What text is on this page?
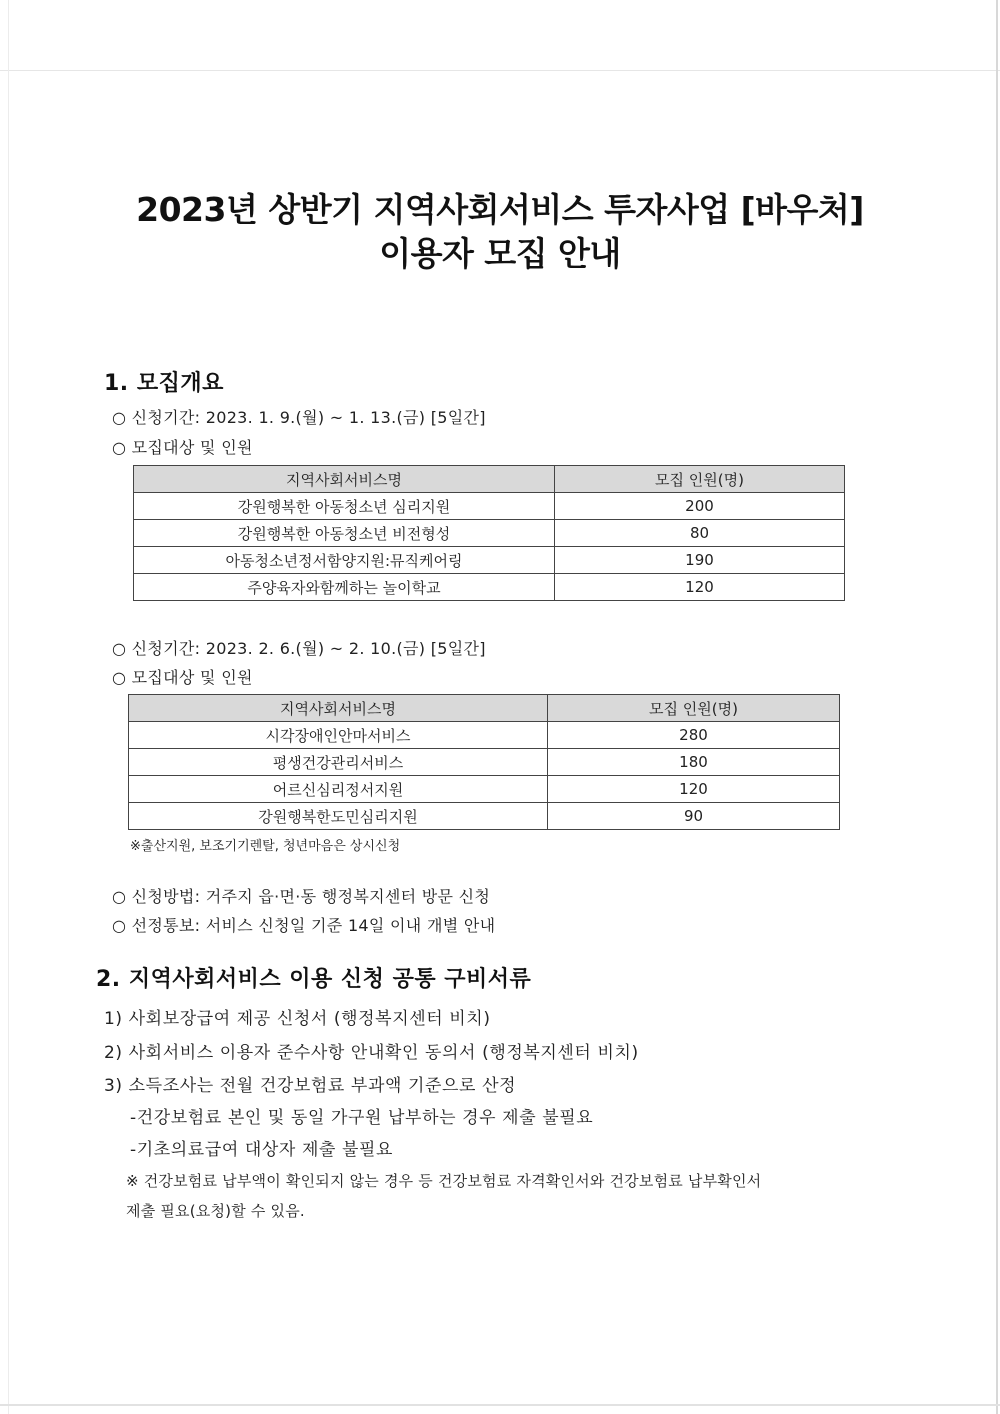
2023년 상반기 지역사회서비스 투자사업 [바우처]
이용자 모집 안내
1. 모집개요
○ 신청기간: 2023. 1. 9.(월) ~ 1. 13.(금) [5일간]
○ 모집대상 및 인원
지역사회서비스명	모집 인원(명)
강원행복한 아동청소년 심리지원	200
강원행복한 아동청소년 비전형성	80
아동청소년정서함양지원:뮤직케어링	190
주양육자와함께하는 놀이학교	120
○ 신청기간: 2023. 2. 6.(월) ~ 2. 10.(금) [5일간]
○ 모집대상 및 인원
지역사회서비스명	모집 인원(명)
시각장애인안마서비스	280
평생건강관리서비스	180
어르신심리정서지원	120
강원행복한도민심리지원	90
※출산지원, 보조기기렌탈, 청년마음은 상시신청
○ 신청방법: 거주지 읍·면·동 행정복지센터 방문 신청
○ 선정통보: 서비스 신청일 기준 14일 이내 개별 안내
2. 지역사회서비스 이용 신청 공통 구비서류
1) 사회보장급여 제공 신청서 (행정복지센터 비치)
2) 사회서비스 이용자 준수사항 안내확인 동의서 (행정복지센터 비치)
3) 소득조사는 전월 건강보험료 부과액 기준으로 산정
-건강보험료 본인 및 동일 가구원 납부하는 경우 제출 불필요
-기초의료급여 대상자 제출 불필요
※ 건강보험료 납부액이 확인되지 않는 경우 등 건강보험료 자격확인서와 건강보험료 납부확인서
제출 필요(요청)할 수 있음.
